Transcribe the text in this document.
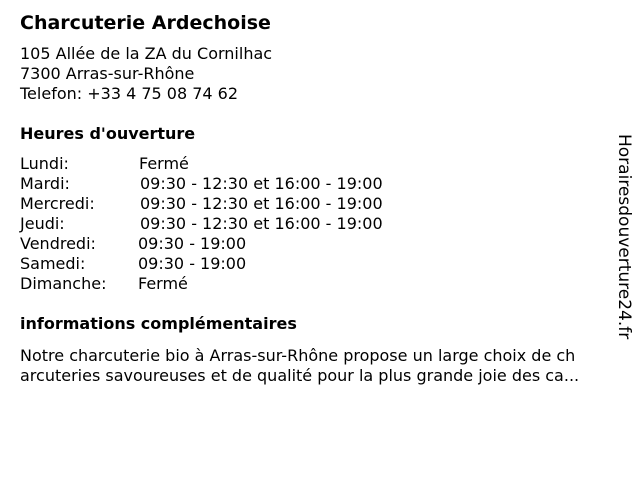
Charcuterie Ardechoise
105 Allée de la ZA du Cornilhac
7300 Arras-sur-Rhône
Telefon: +33 4 75 08 74 62
Heures d'ouverture
Lundi:	Fermé
Mardi:	09:30 - 12:30 et 16:00 - 19:00
Mercredi:	09:30 - 12:30 et 16:00 - 19:00
Jeudi:	09:30 - 12:30 et 16:00 - 19:00
Vendredi:	09:30 - 19:00
Samedi:	09:30 - 19:00
Dimanche: Fermé
informations complémentaires
Notre charcuterie bio à Arras-sur-Rhône propose un large choix de ch
arcuteries savoureuses et de qualité pour la plus grande joie des ca...
Horairesdouverture24.fr
